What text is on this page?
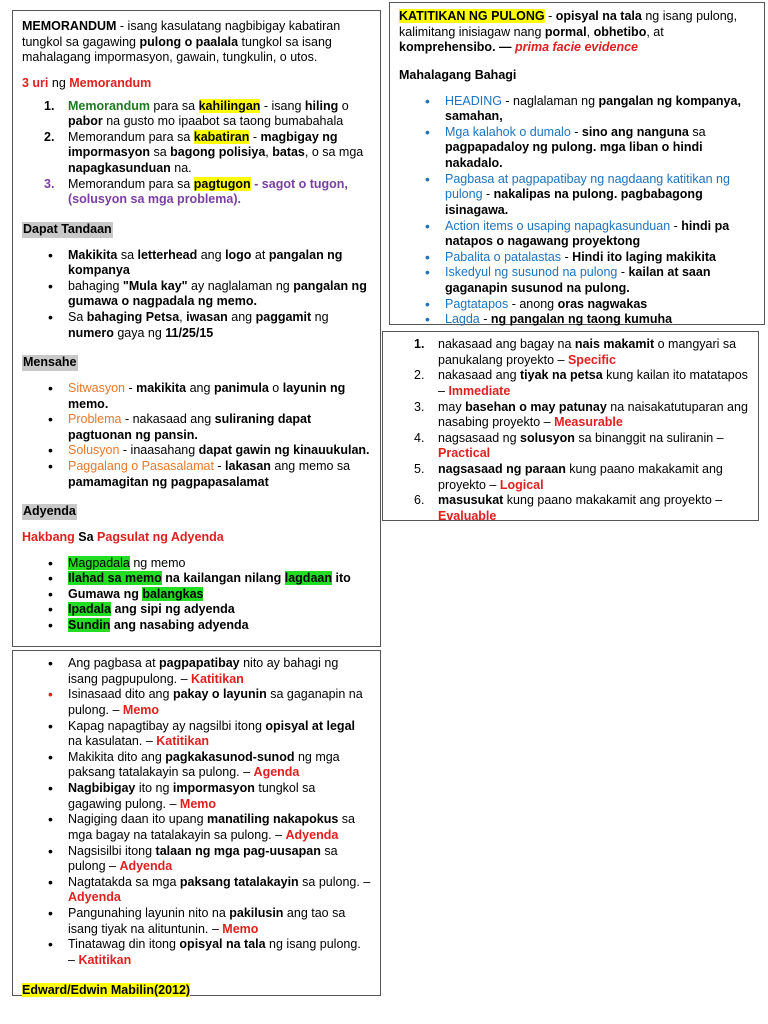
MEMORANDUM - isang kasulatang nagbibigay kabatiran tungkol sa gagawing pulong o paalala tungkol sa isang mahalagang impormasyon, gawain, tungkulin, o utos.

3 uri ng Memorandum

1. Memorandum para sa kahilingan - isang hiling o pabor na gusto mo ipaabot sa taong bumabahala
2. Memorandum para sa kabatiran - magbigay ng impormasyon sa bagong polisiya, batas, o sa mga napagkasunduan na.
3. Memorandum para sa pagtugon - sagot o tugon, (solusyon sa mga problema).

Dapat Tandaan

• Makikita sa letterhead ang logo at pangalan ng kompanya
• bahaging "Mula kay" ay naglalaman ng pangalan ng gumawa o nagpadala ng memo.
• Sa bahaging Petsa, iwasan ang paggamit ng numero gaya ng 11/25/15

Mensahe

• Sitwasyon - makikita ang panimula o layunin ng memo.
• Problema - nakasaad ang suliraning dapat pagtuonan ng pansin.
• Solusyon - inaasahang dapat gawin ng kinauukulan.
• Paggalang o Pasasalamat - lakasan ang memo sa pamamagitan ng pagpapasalamat

Adyenda

Hakbang Sa Pagsulat ng Adyenda

• Magpadala ng memo
• Ilahad sa memo na kailangan nilang lagdaan ito
• Gumawa ng balangkas
• Ipadala ang sipi ng adyenda
• Sundin ang nasabing adyenda
• Ang pagbasa at pagpapatibay nito ay bahagi ng isang pagpupulong. – Katitikan
• Isinasaad dito ang pakay o layunin sa gaganapin na pulong. – Memo
• Kapag napagtibay ay nagsilbi itong opisyal at legal na kasulatan. – Katitikan
• Makikita dito ang pagkakasunod-sunod ng mga paksang tatalakayin sa pulong. – Agenda
• Nagbibigay ito ng impormasyon tungkol sa gagawing pulong. – Memo
• Nagiging daan ito upang manatiling nakapokus sa mga bagay na tatalakayin sa pulong. – Adyenda
• Nagsisilbi itong talaan ng mga pag-uusapan sa pulong – Adyenda
• Nagtatakda sa mga paksang tatalakayin sa pulong. – Adyenda
• Pangunahing layunin nito na pakilusin ang tao sa isang tiyak na alituntunin. – Memo
• Tinatawag din itong opisyal na tala ng isang pulong. – Katitikan

Edward/Edwin Mabilin(2012)

KATITIKAN NG PULONG - opisyal na tala ng isang pulong, kalimitang inisiagaw nang pormal, obhetibo, at komprehensibo. — prima facie evidence

Mahalagang Bahagi

• HEADING - naglalaman ng pangalan ng kompanya, samahan,
• Mga kalahok o dumalo - sino ang nanguna sa pagpapadaloy ng pulong. mga liban o hindi nakadalo.
• Pagbasa at pagpapatibay ng nagdaang katitikan ng pulong - nakalipas na pulong. pagbabagong isinagawa.
• Action items o usaping napagkasunduan - hindi pa natapos o nagawang proyektong
• Pabalita o patalastas - Hindi ito laging makikita
• Iskedyul ng susunod na pulong - kailan at saan gaganapin susunod na pulong.
• Pagtatapos - anong oras nagwakas
• Lagda - ng pangalan ng taong kumuha
1. nakasaad ang bagay na nais makamit o mangyari sa panukalang proyekto – Specific
2. nakasaad ang tiyak na petsa kung kailan ito matatapos – Immediate
3. may basehan o may patunay na naisakatutuparan ang nasabing proyekto – Measurable
4. nagsasaad ng solusyon sa binanggit na suliranin – Practical
5. nagsasaad ng paraan kung paano makakamit ang proyekto – Logical
6. masusukat kung paano makakamit ang proyekto – Evaluable
